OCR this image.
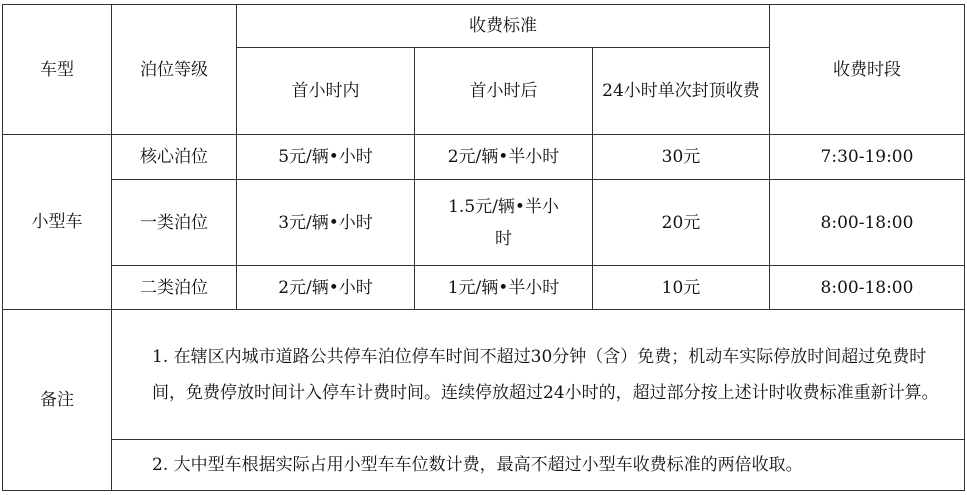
车型	泊位等级	收费标准			收费时段
		首小时内	首小时后	24小时单次封顶收费	
小型车	核心泊位	5元/辆•小时	2元/辆•半小时	30元	7:30-19:00
	一类泊位	3元/辆•小时	1.5元/辆•半小时	20元	8:00-18:00
	二类泊位	2元/辆•小时	1元/辆•半小时	10元	8:00-18:00
备注	1. 在辖区内城市道路公共停车泊位停车时间不超过30分钟（含）免费；机动车实际停放时间超过免费时间，免费停放时间计入停车计费时间。连续停放超过24小时的，超过部分按上述计时收费标准重新计算。				
	2. 大中型车根据实际占用小型车车位数计费，最高不超过小型车收费标准的两倍收取。				
